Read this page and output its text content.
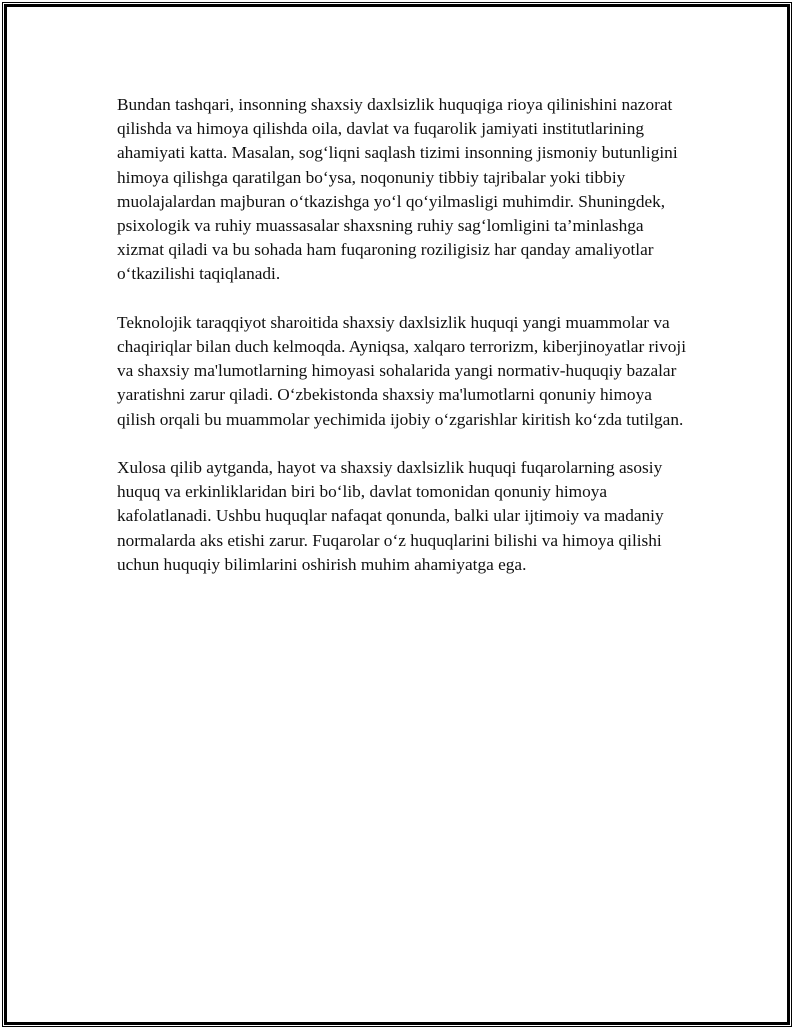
Bundan tashqari, insonning shaxsiy daxlsizlik huquqiga rioya qilinishini nazorat qilishda va himoya qilishda oila, davlat va fuqarolik jamiyati institutlarining ahamiyati katta. Masalan, sog‘liqni saqlash tizimi insonning jismoniy butunligini himoya qilishga qaratilgan bo‘ysa, noqonuniy tibbiy tajribalar yoki tibbiy muolajalardan majburan o‘tkazishga yo‘l qo‘yilmasligi muhimdir. Shuningdek, psixologik va ruhiy muassasalar shaxsning ruhiy sag‘lomligini ta’minlashga xizmat qiladi va bu sohada ham fuqaroning roziligisiz har qanday amaliyotlar o‘tkazilishi taqiqlanadi.

Teknolojik taraqqiyot sharoitida shaxsiy daxlsizlik huquqi yangi muammolar va chaqiriqlar bilan duch kelmoqda. Ayniqsa, xalqaro terrorizm, kiberjinoyatlar rivoji va shaxsiy ma'lumotlarning himoyasi sohalarida yangi normativ-huquqiy bazalar yaratishni zarur qiladi. O‘zbekistonda shaxsiy ma'lumotlarni qonuniy himoya qilish orqali bu muammolar yechimida ijobiy o‘zgarishlar kiritish ko‘zda tutilgan.

Xulosa qilib aytganda, hayot va shaxsiy daxlsizlik huquqi fuqarolarning asosiy huquq va erkinliklaridan biri bo‘lib, davlat tomonidan qonuniy himoya kafolatlanadi. Ushbu huquqlar nafaqat qonunda, balki ular ijtimoiy va madaniy normalarda aks etishi zarur. Fuqarolar o‘z huquqlarini bilishi va himoya qilishi uchun huquqiy bilimlarini oshirish muhim ahamiyatga ega.
